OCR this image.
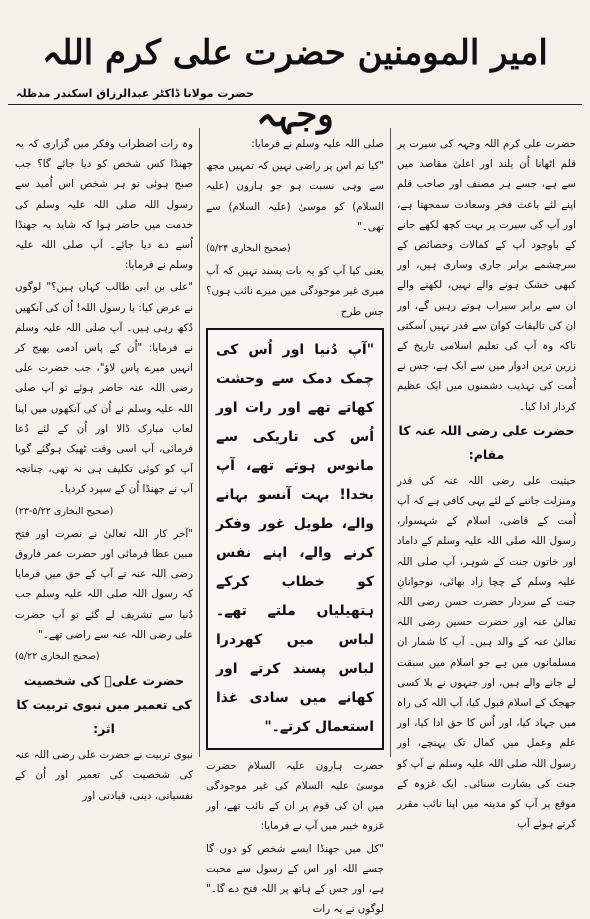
امیر المومنین حضرت علی کرم اللہ وجہہ
حضرت مولانا ڈاکٹر عبدالرزاق اسکندر مدظلہ

حضرت علی کرم اللہ وجہہ کی سیرت پر قلم اٹھانا اُن بلند اور اعلیٰ مقاصد میں سے ہے، جسے ہر مصنف اور صاحب قلم اپنے لئے باعث فخر وسعادت سمجھتا ہے، اور آپ کی سیرت پر بہت کچھ لکھے جانے کے باوجود آپ کے کمالات وخصائص کے سرچشمے برابر جاری وساری ہیں، اور کبھی خشک ہونے والے نہیں، لکھنے والے ان سے برابر سیراب ہوتے رہیں گے، اور ان کی تالیفات کوان سے قدر نہیں آسکتی تاکہ وہ آپ کی تعلیم اسلامی تاریخ کے زرین ترین ادوار میں سے ایک ہے، جس نے اُمت کی تہذیب دشمنوں میں ایک عظیم کردار ادا کیا۔

حضرت علی رضی اللہ عنہ کا مقام:

حیثیت علی رضی اللہ عنہ کی قدر ومنزلت جاننے کے لئے یہی کافی ہے کہ آپ اُمت کے قاضی، اسلام کے شہسوار، رسول اللہ صلی اللہ علیہ وسلم کے داماد اور خاتون جنت کے شوہر، آپ صلی اللہ علیہ وسلم کے چچا زاد بھائی، نوجوانانِ جنت کے سردار حضرت حسن رضی اللہ تعالیٰ عنہ اور حضرت حسین رضی اللہ تعالیٰ عنہ کے والد ہیں۔ آپ کا شمار ان مسلمانوں میں ہے جو اسلام میں سبقت لے جانے والے ہیں، اور جنہوں نے بلا کسی جھجک کے اسلام قبول کیا، آپ اللہ کی راہ میں جہاد کیا، اور اُس کا حق ادا کیا، اور علم وعمل میں کمال تک پہنچے، اور رسول اللہ صلی اللہ علیہ وسلم نے آپ کو جنت کی بشارت سنائی۔ ایک غزوہ کے موقع پر آپ کو مدینہ میں اپنا نائب مقرر کرتے ہوئے آپ

صلی اللہ علیہ وسلم نے فرمایا:

"کیا تم اس پر راضی نہیں کہ تمہیں مجھ سے وہی نسبت ہو جو ہارون (علیہ السلام) کو موسیٰ (علیہ السلام) سے تھی۔"

(صحیح البخاری ۵/۲۴)

یعنی کیا آپ کو یہ بات پسند نہیں کہ آپ میری غیر موجودگی میں میرے نائب ہوں؟ جس طرح

"آپ دُنیا اور اُس کی چمک دمک سے وحشت کھاتے تھے اور رات اور اُس کی تاریکی سے مانوس ہوتے تھے، آپ بخدا! بہت آنسو بہانے والے، طویل غور وفکر کرنے والے، اپنے نفس کو خطاب کرکے ہتھیلیاں ملتے تھے۔ لباس میں کھردرا لباس پسند کرتے اور کھانے میں سادی غذا استعمال کرتے۔"

حضرت ہارون علیہ السلام حضرت موسیٰ علیہ السلام کی غیر موجودگی میں ان کی قوم پر ان کے نائب تھے، اور غزوہ خیبر میں آپ نے فرمایا:

"کل میں جھنڈا ایسے شخص کو دوں گا جسے اللہ اور اس کے رسول سے محبت ہے، اور جس کے ہاتھ پر اللہ فتح دے گا۔" لوگوں نے یہ رات

وہ رات اضطراب وفکر میں گزاری کہ یہ جھنڈا کس شخص کو دیا جائے گا؟ جب صبح ہوئی تو ہر شخص اس اُمید سے رسول اللہ صلی اللہ علیہ وسلم کی خدمت میں حاضر ہوا کہ شاید یہ جھنڈا اُسے دے دیا جائے۔ آپ صلی اللہ علیہ وسلم نے فرمایا:

"علی بن ابی طالب کہاں ہیں؟" لوگوں نے عرض کیا: یا رسول اللہ! اُن کی آنکھیں دُکھ رہی ہیں۔ آپ صلی اللہ علیہ وسلم نے فرمایا: "اُن کے پاس آدمی بھیج کر انہیں میرے پاس لاؤ"، جب حضرت علی رضی اللہ عنہ حاضر ہوئے تو آپ صلی اللہ علیہ وسلم نے اُن کی آنکھوں میں اپنا لعاب مبارک ڈالا اور اُن کے لئے دُعا فرمائی، آپ اسی وقت ٹھیک ہوگئے گویا آپ کو کوئی تکلیف ہی نہ تھی، چنانچہ آپ نے جھنڈا اُن کے سپرد کردیا۔

(صحیح البخاری ۵/۲۲-۲۳)

"آخر کار اللہ تعالیٰ نے نصرت اور فتح مبین عطا فرمائی اور حضرت عمر فاروق رضی اللہ عنہ نے آپ کے حق میں فرمایا کہ رسول اللہ صلی اللہ علیہ وسلم جب دُنیا سے تشریف لے گئے تو آپ حضرت علی رضی اللہ عنہ سے راضی تھے۔"

(صحیح البخاری ۵/۲۲)

حضرت علیؓ کی شخصیت کی تعمیر میں نبوی تربیت کا اثر:

نبوی تربیت نے حضرت علی رضی اللہ عنہ کی شخصیت کی تعمیر اور اُن کے نفسیاتی، دینی، قیادتی اور
